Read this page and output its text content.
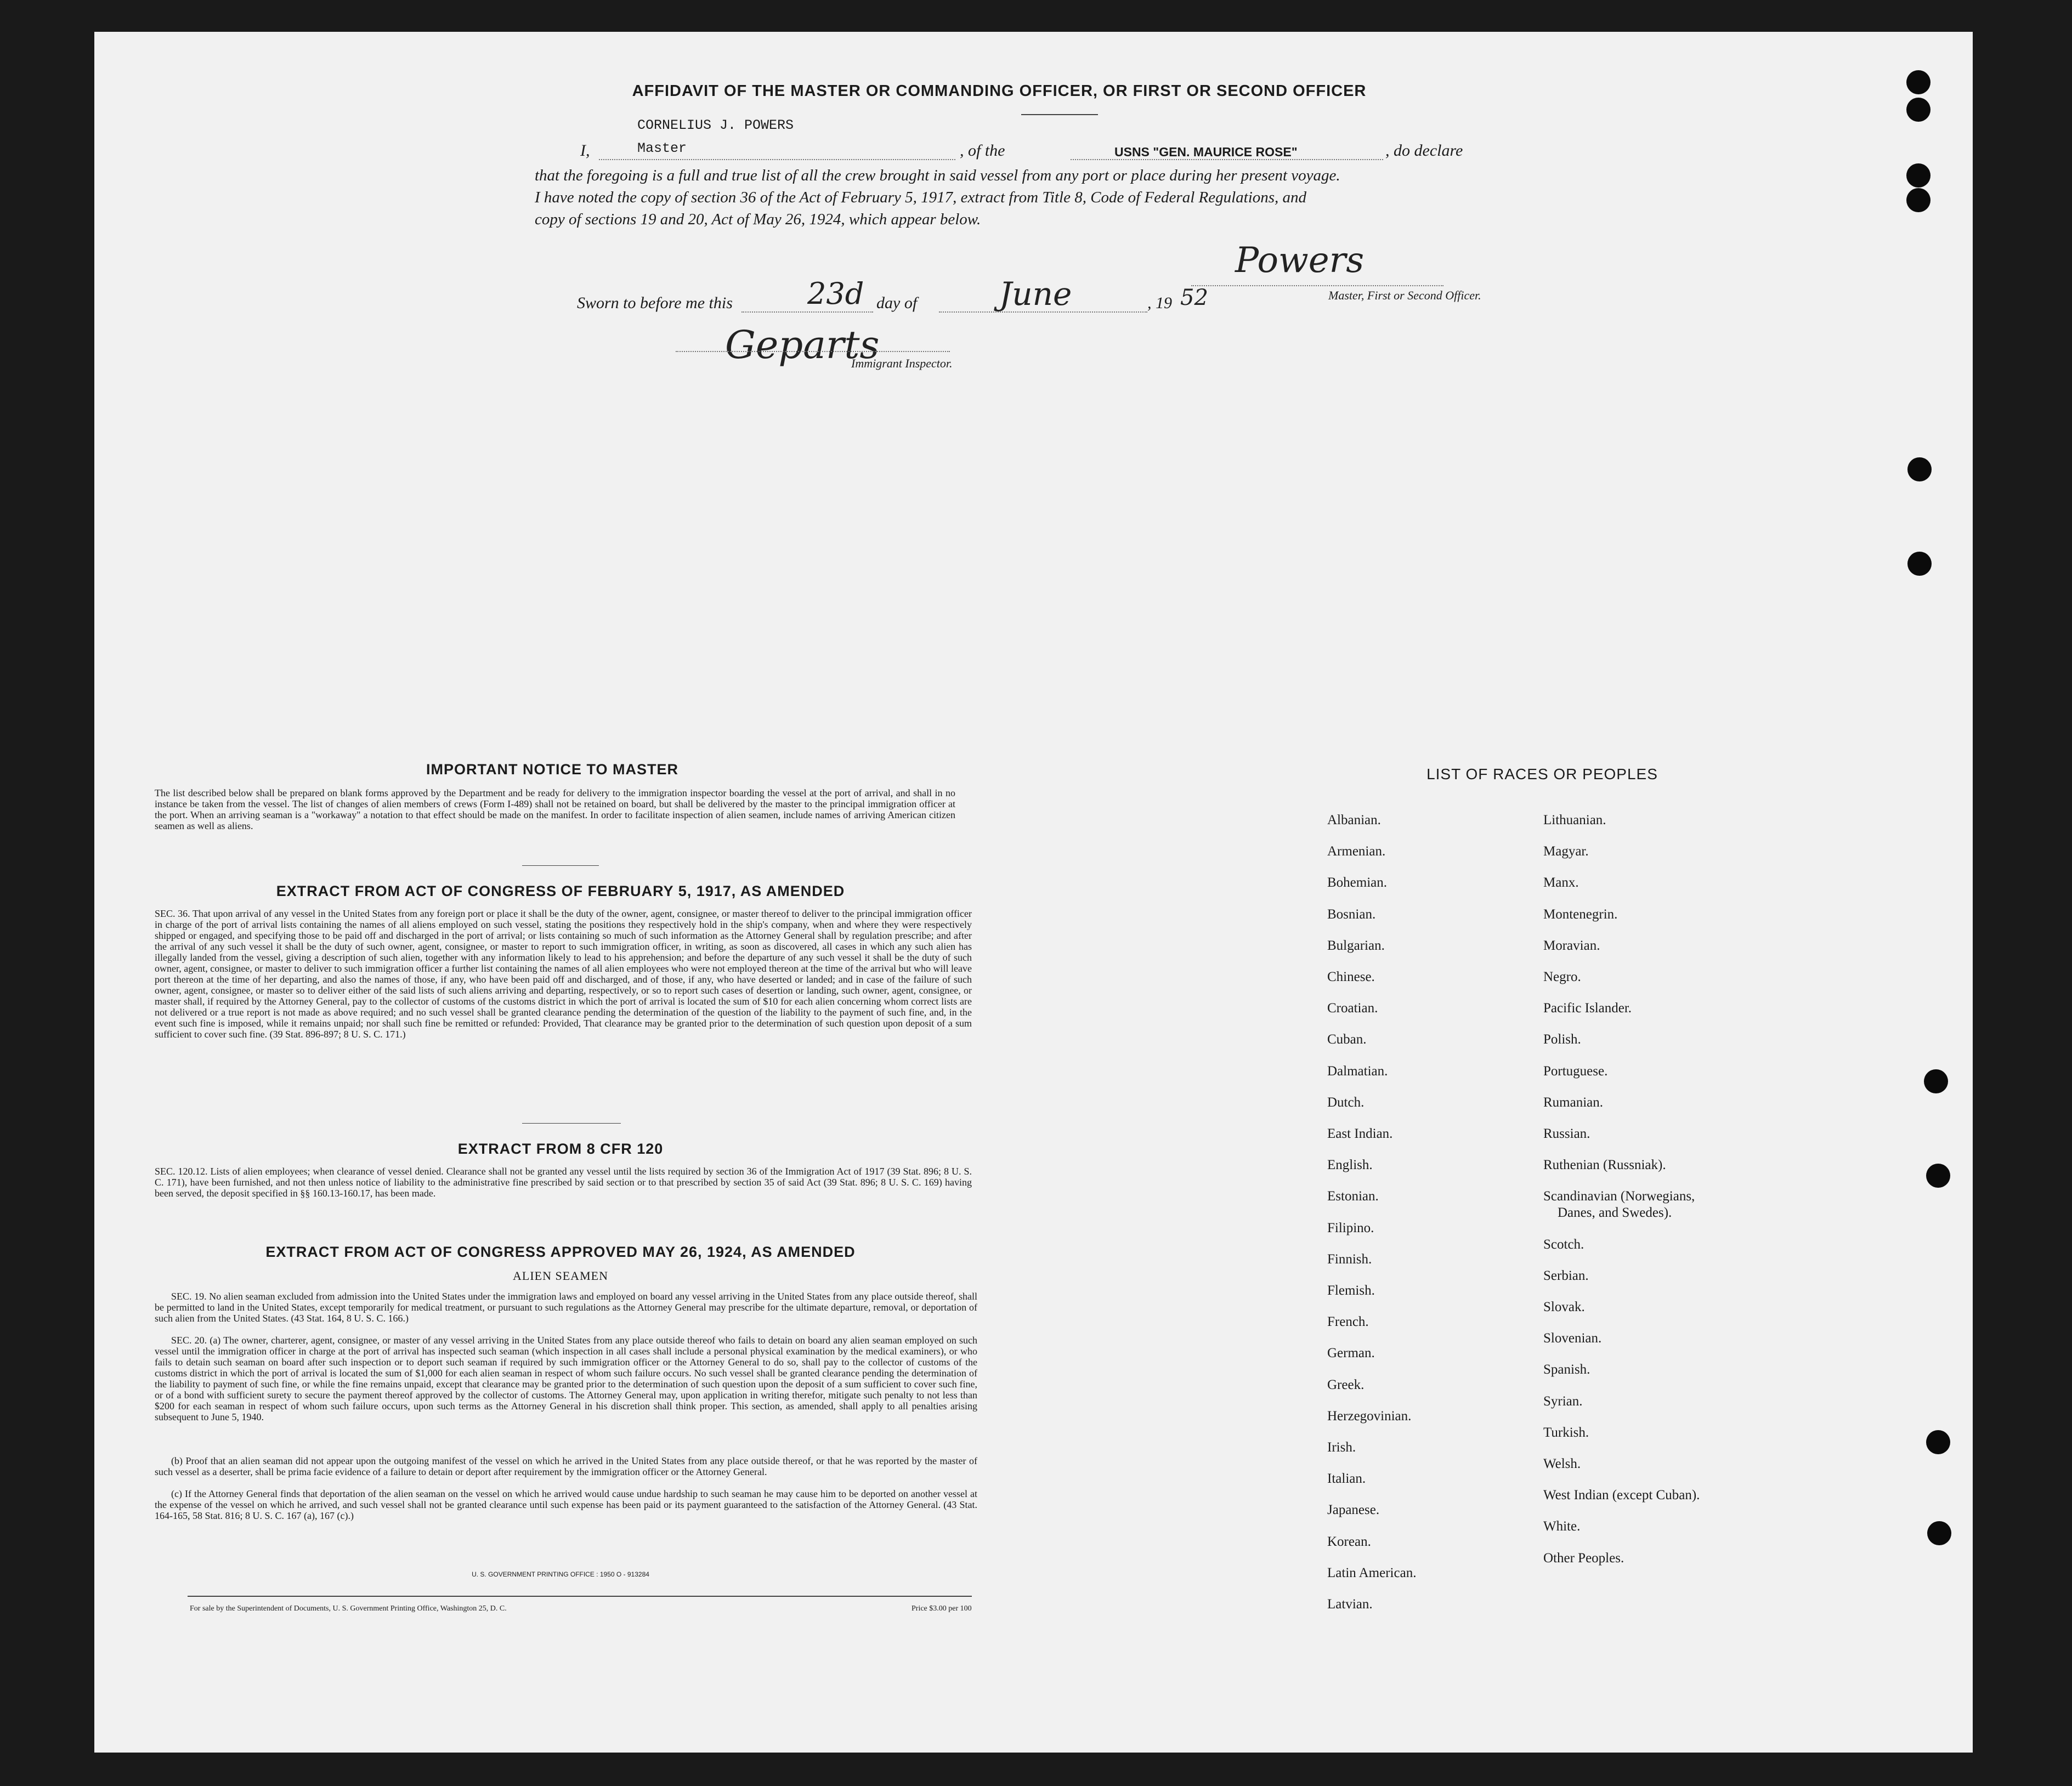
AFFIDAVIT OF THE MASTER OR COMMANDING OFFICER, OR FIRST OR SECOND OFFICER
CORNELIUS J. POWERS
Master
I,	, of the	USNS "GEN. MAURICE ROSE"	, do declare
that the foregoing is a full and true list of all the crew brought in said vessel from any port or place during her present voyage.
I have noted the copy of section 36 of the Act of February 5, 1917, extract from Title 8, Code of Federal Regulations, and
copy of sections 19 and 20, Act of May 26, 1924, which appear below.
Powers
Master, First or Second Officer.
Sworn to before me this	23d day of	June	, 19 52
Geparts
Immigrant Inspector.
IMPORTANT NOTICE TO MASTER
The list described below shall be prepared on blank forms approved by the Department and be ready for delivery to the immigration inspector boarding the vessel at the port of arrival, and shall in no instance be taken from the vessel. The list of changes of alien members of crews (Form I-489) shall not be retained on board, but shall be delivered by the master to the principal immigration officer at the port. When an arriving seaman is a "workaway" a notation to that effect should be made on the manifest. In order to facilitate inspection of alien seamen, include names of arriving American citizen seamen as well as aliens.
EXTRACT FROM ACT OF CONGRESS OF FEBRUARY 5, 1917, AS AMENDED
SEC. 36. That upon arrival of any vessel in the United States from any foreign port or place it shall be the duty of the owner, agent, consignee, or master thereof to deliver to the principal immigration officer in charge of the port of arrival lists containing the names of all aliens employed on such vessel, stating the positions they respectively hold in the ship's company, when and where they were respectively shipped or engaged, and specifying those to be paid off and discharged in the port of arrival; or lists containing so much of such information as the Attorney General shall by regulation prescribe; and after the arrival of any such vessel it shall be the duty of such owner, agent, consignee, or master to report to such immigration officer, in writing, as soon as discovered, all cases in which any such alien has illegally landed from the vessel, giving a description of such alien, together with any information likely to lead to his apprehension; and before the departure of any such vessel it shall be the duty of such owner, agent, consignee, or master to deliver to such immigration officer a further list containing the names of all alien employees who were not employed thereon at the time of the arrival but who will leave port thereon at the time of her departing, and also the names of those, if any, who have been paid off and discharged, and of those, if any, who have deserted or landed; and in case of the failure of such owner, agent, consignee, or master so to deliver either of the said lists of such aliens arriving and departing, respectively, or so to report such cases of desertion or landing, such owner, agent, consignee, or master shall, if required by the Attorney General, pay to the collector of customs of the customs district in which the port of arrival is located the sum of $10 for each alien concerning whom correct lists are not delivered or a true report is not made as above required; and no such vessel shall be granted clearance pending the determination of the question of the liability to the payment of such fine, and, in the event such fine is imposed, while it remains unpaid; nor shall such fine be remitted or refunded: Provided, That clearance may be granted prior to the determination of such question upon deposit of a sum sufficient to cover such fine. (39 Stat. 896-897; 8 U. S. C. 171.)
EXTRACT FROM 8 CFR 120
SEC. 120.12. Lists of alien employees; when clearance of vessel denied. Clearance shall not be granted any vessel until the lists required by section 36 of the Immigration Act of 1917 (39 Stat. 896; 8 U. S. C. 171), have been furnished, and not then unless notice of liability to the administrative fine prescribed by said section or to that prescribed by section 35 of said Act (39 Stat. 896; 8 U. S. C. 169) having been served, the deposit specified in §§ 160.13-160.17, has been made.
EXTRACT FROM ACT OF CONGRESS APPROVED MAY 26, 1924, AS AMENDED
ALIEN SEAMEN
SEC. 19. No alien seaman excluded from admission into the United States under the immigration laws and employed on board any vessel arriving in the United States from any place outside thereof, shall be permitted to land in the United States, except temporarily for medical treatment, or pursuant to such regulations as the Attorney General may prescribe for the ultimate departure, removal, or deportation of such alien from the United States. (43 Stat. 164, 8 U. S. C. 166.)
SEC. 20. (a) The owner, charterer, agent, consignee, or master of any vessel arriving in the United States from any place outside thereof who fails to detain on board any alien seaman employed on such vessel until the immigration officer in charge at the port of arrival has inspected such seaman (which inspection in all cases shall include a personal physical examination by the medical examiners), or who fails to detain such seaman on board after such inspection or to deport such seaman if required by such immigration officer or the Attorney General to do so, shall pay to the collector of customs of the customs district in which the port of arrival is located the sum of $1,000 for each alien seaman in respect of whom such failure occurs. No such vessel shall be granted clearance pending the determination of the liability to payment of such fine, or while the fine remains unpaid, except that clearance may be granted prior to the determination of such question upon the deposit of a sum sufficient to cover such fine, or of a bond with sufficient surety to secure the payment thereof approved by the collector of customs. The Attorney General may, upon application in writing therefor, mitigate such penalty to not less than $200 for each seaman in respect of whom such failure occurs, upon such terms as the Attorney General in his discretion shall think proper. This section, as amended, shall apply to all penalties arising subsequent to June 5, 1940.
(b) Proof that an alien seaman did not appear upon the outgoing manifest of the vessel on which he arrived in the United States from any place outside thereof, or that he was reported by the master of such vessel as a deserter, shall be prima facie evidence of a failure to detain or deport after requirement by the immigration officer or the Attorney General.
(c) If the Attorney General finds that deportation of the alien seaman on the vessel on which he arrived would cause undue hardship to such seaman he may cause him to be deported on another vessel at the expense of the vessel on which he arrived, and such vessel shall not be granted clearance until such expense has been paid or its payment guaranteed to the satisfaction of the Attorney General. (43 Stat. 164-165, 58 Stat. 816; 8 U. S. C. 167 (a), 167 (c).)
U. S. GOVERNMENT PRINTING OFFICE : 1950 O - 913284
For sale by the Superintendent of Documents, U. S. Government Printing Office, Washington 25, D. C.	Price $3.00 per 100
LIST OF RACES OR PEOPLES
Albanian.
Armenian.
Bohemian.
Bosnian.
Bulgarian.
Chinese.
Croatian.
Cuban.
Dalmatian.
Dutch.
East Indian.
English.
Estonian.
Filipino.
Finnish.
Flemish.
French.
German.
Greek.
Herzegovinian.
Irish.
Italian.
Japanese.
Korean.
Latin American.
Latvian.
Lithuanian.
Magyar.
Manx.
Montenegrin.
Moravian.
Negro.
Pacific Islander.
Polish.
Portuguese.
Rumanian.
Russian.
Ruthenian (Russniak).
Scandinavian (Norwegians,
Danes, and Swedes).
Scotch.
Serbian.
Slovak.
Slovenian.
Spanish.
Syrian.
Turkish.
Welsh.
West Indian (except Cuban).
White.
Other Peoples.
